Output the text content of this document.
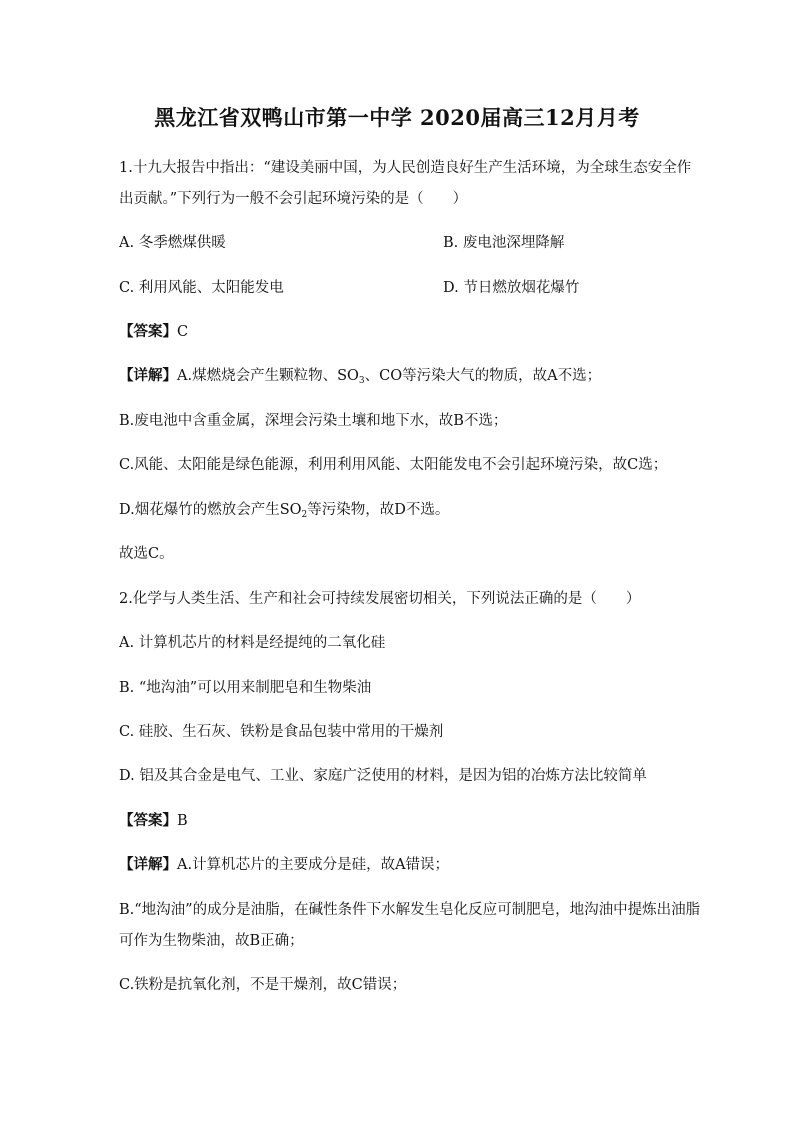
黑龙江省双鸭山市第一中学 2020届高三12月月考
1.十九大报告中指出：“建设美丽中国，为人民创造良好生产生活环境，为全球生态安全作
出贡献。”下列行为一般不会引起环境污染的是（　　）
A. 冬季燃煤供暖	B. 废电池深埋降解
C. 利用风能、太阳能发电	D. 节日燃放烟花爆竹
【答案】C
【详解】A.煤燃烧会产生颗粒物、$SO_3$、CO等污染大气的物质，故A不选；
B.废电池中含重金属，深埋会污染土壤和地下水，故B不选；
C.风能、太阳能是绿色能源，利用利用风能、太阳能发电不会引起环境污染，故C选；
D.烟花爆竹的燃放会产生$SO_2$等污染物，故D不选。
故选C。
2.化学与人类生活、生产和社会可持续发展密切相关，下列说法正确的是（　　）
A. 计算机芯片的材料是经提纯的二氧化硅
B. “地沟油”可以用来制肥皂和生物柴油
C. 硅胶、生石灰、铁粉是食品包装中常用的干燥剂
D. 铝及其合金是电气、工业、家庭广泛使用的材料，是因为铝的冶炼方法比较简单
【答案】B
【详解】A.计算机芯片的主要成分是硅，故A错误；
B.“地沟油”的成分是油脂，在碱性条件下水解发生皂化反应可制肥皂，地沟油中提炼出油脂
可作为生物柴油，故B正确；
C.铁粉是抗氧化剂，不是干燥剂，故C错误；
